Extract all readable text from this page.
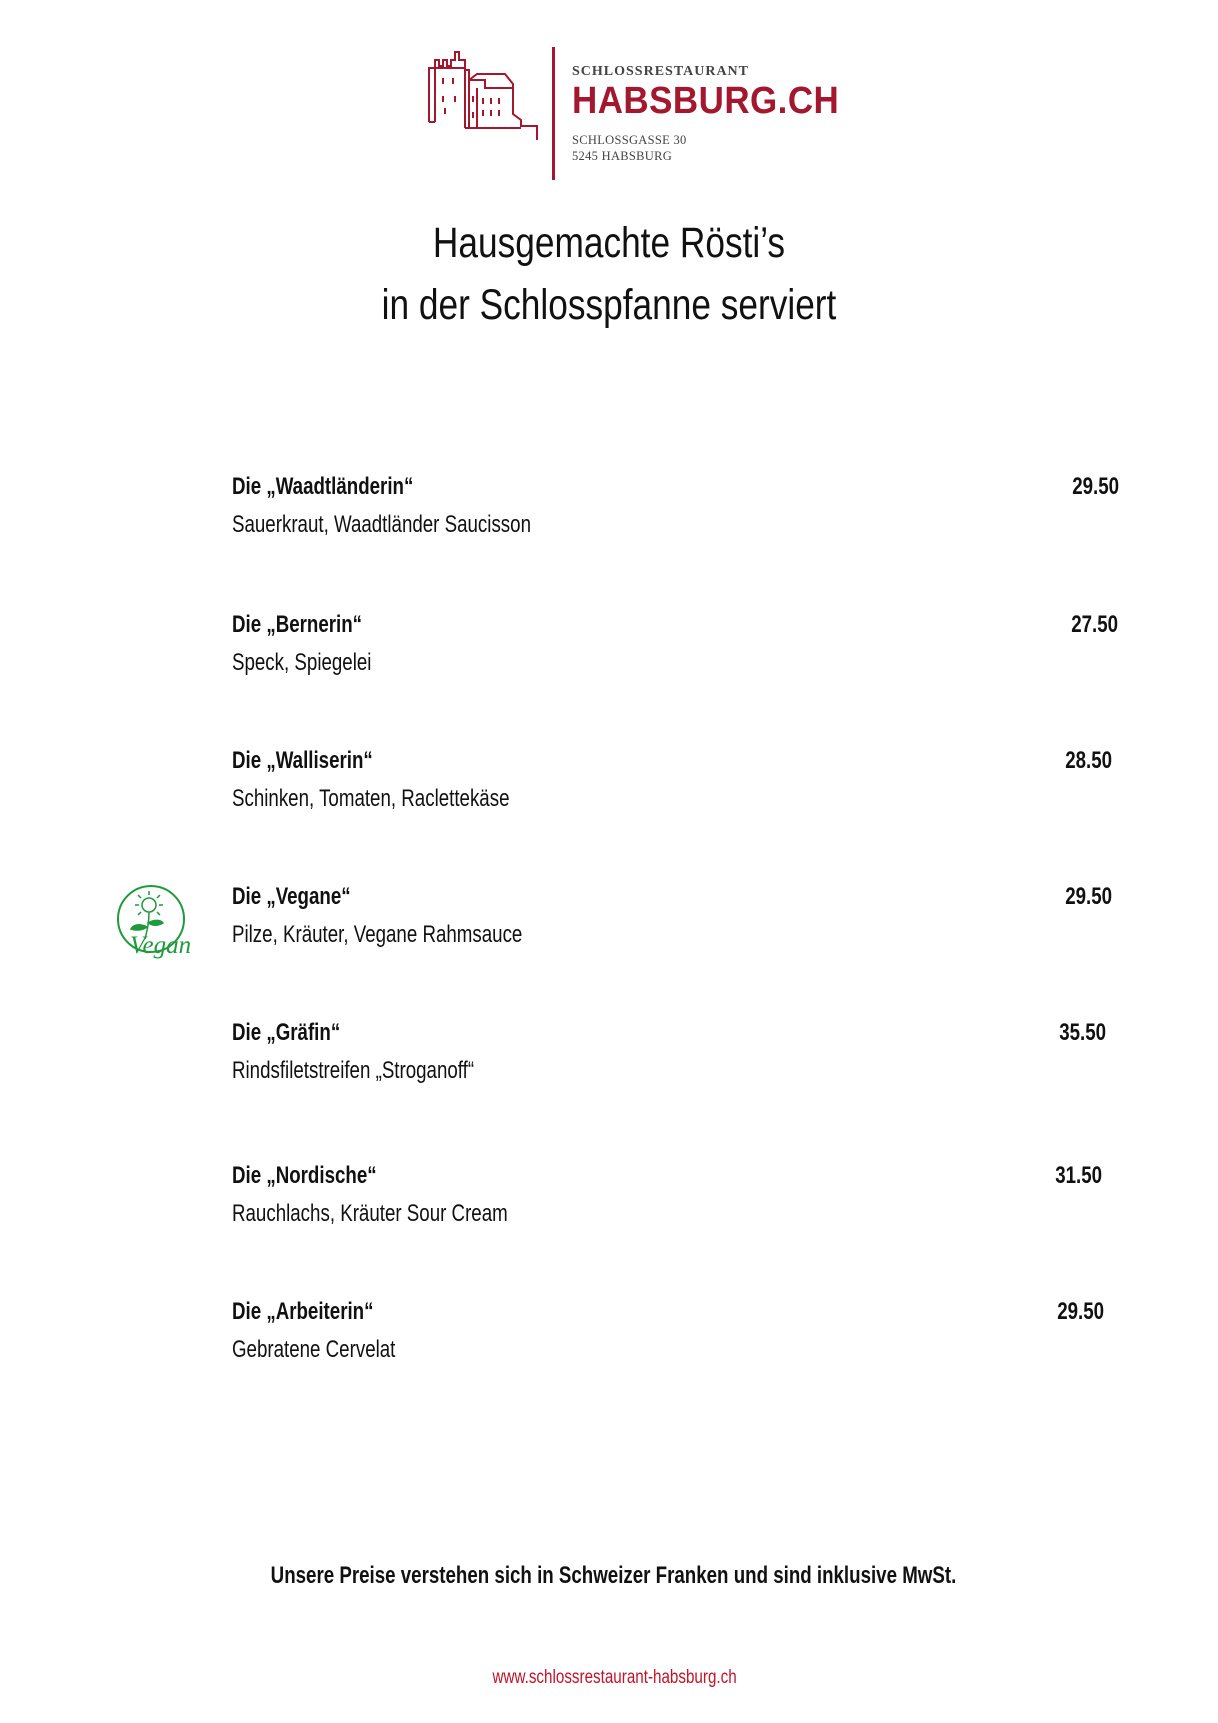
SCHLOSSRESTAURANT
HABSBURG.CH
SCHLOSSGASSE 30
5245 HABSBURG
Hausgemachte Rösti’s
in der Schlosspfanne serviert
Die „Waadtländerin“
Sauerkraut, Waadtländer Saucisson
29.50
Die „Bernerin“
Speck, Spiegelei
27.50
Die „Walliserin“
Schinken, Tomaten, Raclettekäse
28.50
Die „Vegane“
Pilze, Kräuter, Vegane Rahmsauce
29.50
Die „Gräfin“
Rindsfiletstreifen „Stroganoff“
35.50
Die „Nordische“
Rauchlachs, Kräuter Sour Cream
31.50
Die „Arbeiterin“
Gebratene Cervelat
29.50
Vegan
Unsere Preise verstehen sich in Schweizer Franken und sind inklusive MwSt.
www.schlossrestaurant-habsburg.ch
